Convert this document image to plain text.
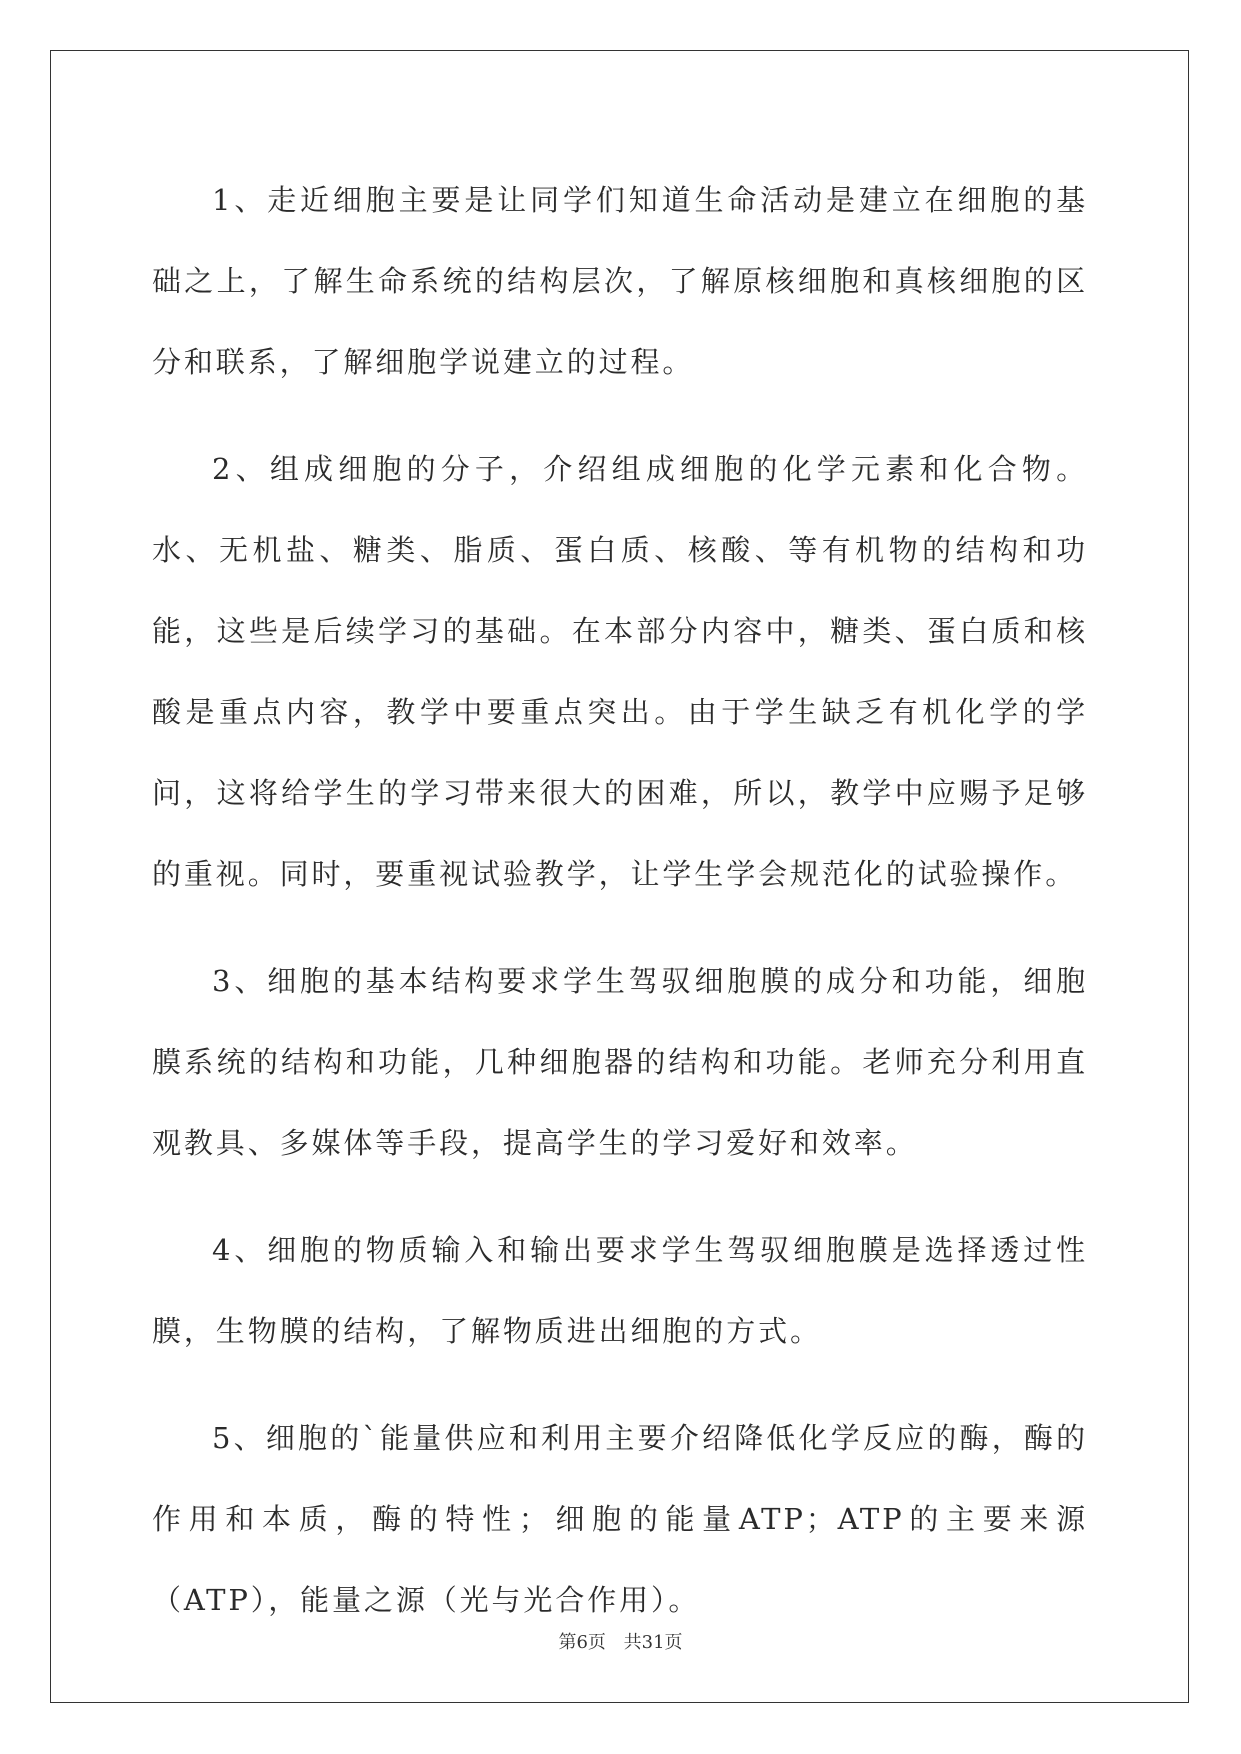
1、走近细胞主要是让同学们知道生命活动是建立在细胞的基础之上，了解生命系统的结构层次，了解原核细胞和真核细胞的区分和联系，了解细胞学说建立的过程。

2、组成细胞的分子，介绍组成细胞的化学元素和化合物。水、无机盐、糖类、脂质、蛋白质、核酸、等有机物的结构和功能，这些是后续学习的基础。在本部分内容中，糖类、蛋白质和核酸是重点内容，教学中要重点突出。由于学生缺乏有机化学的学问，这将给学生的学习带来很大的困难，所以，教学中应赐予足够的重视。同时，要重视试验教学，让学生学会规范化的试验操作。

3、细胞的基本结构要求学生驾驭细胞膜的成分和功能，细胞膜系统的结构和功能，几种细胞器的结构和功能。老师充分利用直观教具、多媒体等手段，提高学生的学习爱好和效率。

4、细胞的物质输入和输出要求学生驾驭细胞膜是选择透过性膜，生物膜的结构，了解物质进出细胞的方式。

5、细胞的`能量供应和利用主要介绍降低化学反应的酶，酶的作用和本质，酶的特性；细胞的能量ATP；ATP的主要来源（ATP），能量之源（光与光合作用）。

第6页 共31页
